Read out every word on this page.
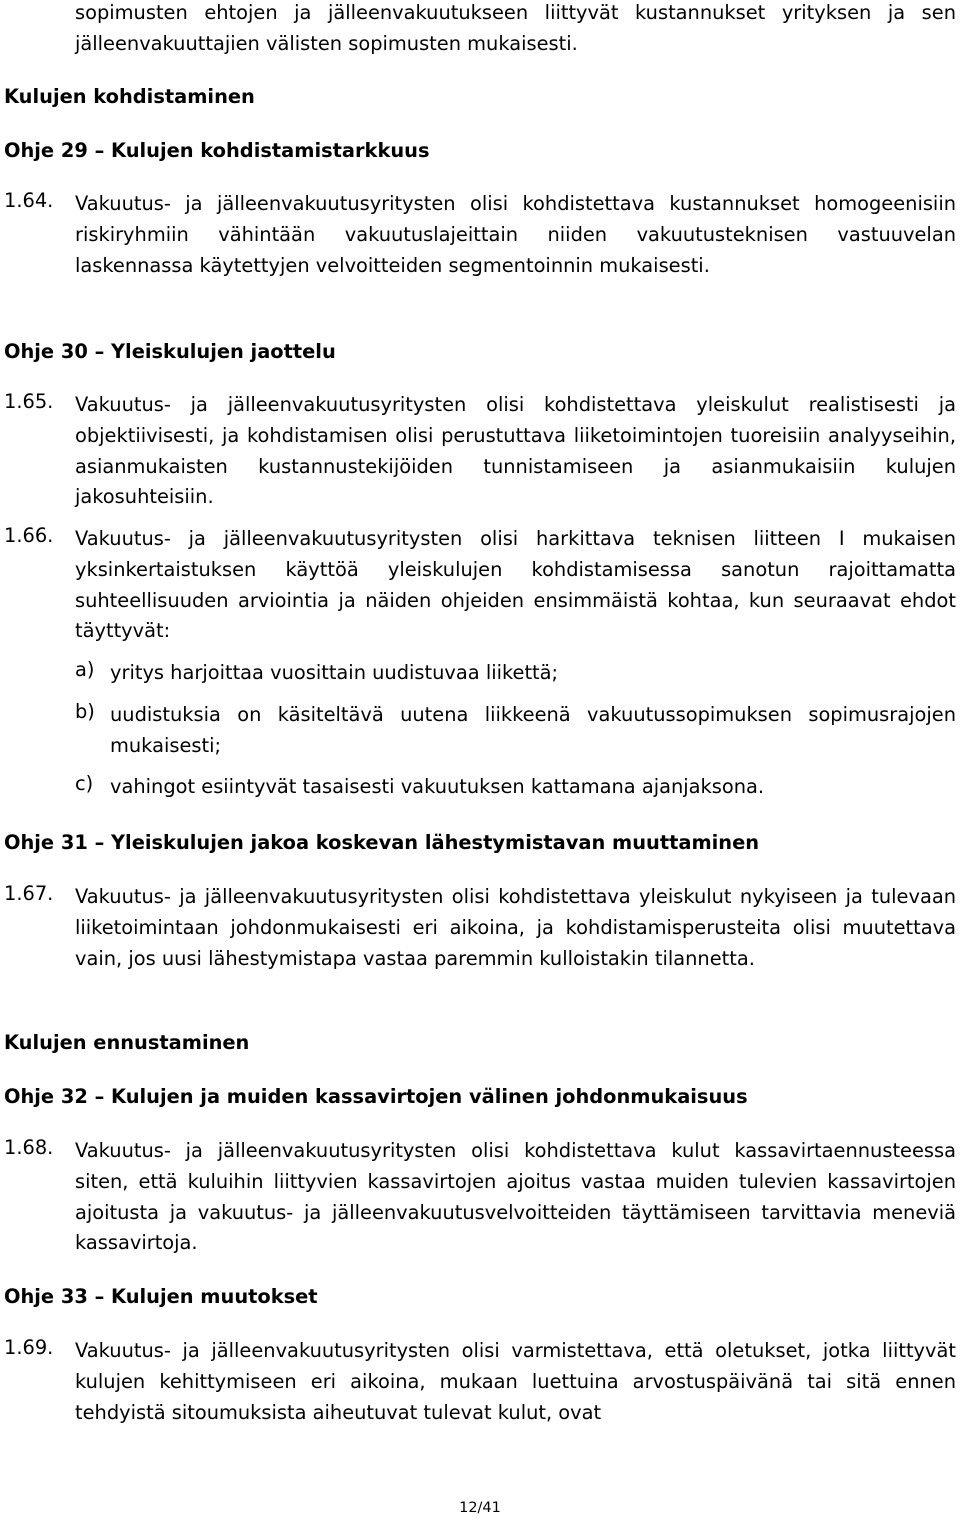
sopimusten ehtojen ja jälleenvakuutukseen liittyvät kustannukset yrityksen ja sen jälleenvakuuttajien välisten sopimusten mukaisesti.
Kulujen kohdistaminen
Ohje 29 – Kulujen kohdistamistarkkuus
1.64. Vakuutus- ja jälleenvakuutusyritysten olisi kohdistettava kustannukset homogeenisiin riskiryhmiin vähintään vakuutuslajeittain niiden vakuutusteknisen vastuuvelan laskennassa käytettyjen velvoitteiden segmentoinnin mukaisesti.
Ohje 30 – Yleiskulujen jaottelu
1.65. Vakuutus- ja jälleenvakuutusyritysten olisi kohdistettava yleiskulut realistisesti ja objektiivisesti, ja kohdistamisen olisi perustuttava liiketoimintojen tuoreisiin analyyseihin, asianmukaisten kustannustekijöiden tunnistamiseen ja asianmukaisiin kulujen jakosuhteisiin.
1.66. Vakuutus- ja jälleenvakuutusyritysten olisi harkittava teknisen liitteen I mukaisen yksinkertaistuksen käyttöä yleiskulujen kohdistamisessa sanotun rajoittamatta suhteellisuuden arviointia ja näiden ohjeiden ensimmäistä kohtaa, kun seuraavat ehdot täyttyvät:
a) yritys harjoittaa vuosittain uudistuvaa liikettä;
b) uudistuksia on käsiteltävä uutena liikkeenä vakuutussopimuksen sopimusrajojen mukaisesti;
c) vahingot esiintyvät tasaisesti vakuutuksen kattamana ajanjaksona.
Ohje 31 – Yleiskulujen jakoa koskevan lähestymistavan muuttaminen
1.67. Vakuutus- ja jälleenvakuutusyritysten olisi kohdistettava yleiskulut nykyiseen ja tulevaan liiketoimintaan johdonmukaisesti eri aikoina, ja kohdistamisperusteita olisi muutettava vain, jos uusi lähestymistapa vastaa paremmin kulloistakin tilannetta.
Kulujen ennustaminen
Ohje 32 – Kulujen ja muiden kassavirtojen välinen johdonmukaisuus
1.68. Vakuutus- ja jälleenvakuutusyritysten olisi kohdistettava kulut kassavirtaennusteessa siten, että kuluihin liittyvien kassavirtojen ajoitus vastaa muiden tulevien kassavirtojen ajoitusta ja vakuutus- ja jälleenvakuutusvelvoitteiden täyttämiseen tarvittavia meneviä kassavirtoja.
Ohje 33 – Kulujen muutokset
1.69. Vakuutus- ja jälleenvakuutusyritysten olisi varmistettava, että oletukset, jotka liittyvät kulujen kehittymiseen eri aikoina, mukaan luettuina arvostuspäivänä tai sitä ennen tehdyistä sitoumuksista aiheutuvat tulevat kulut, ovat
12/41
